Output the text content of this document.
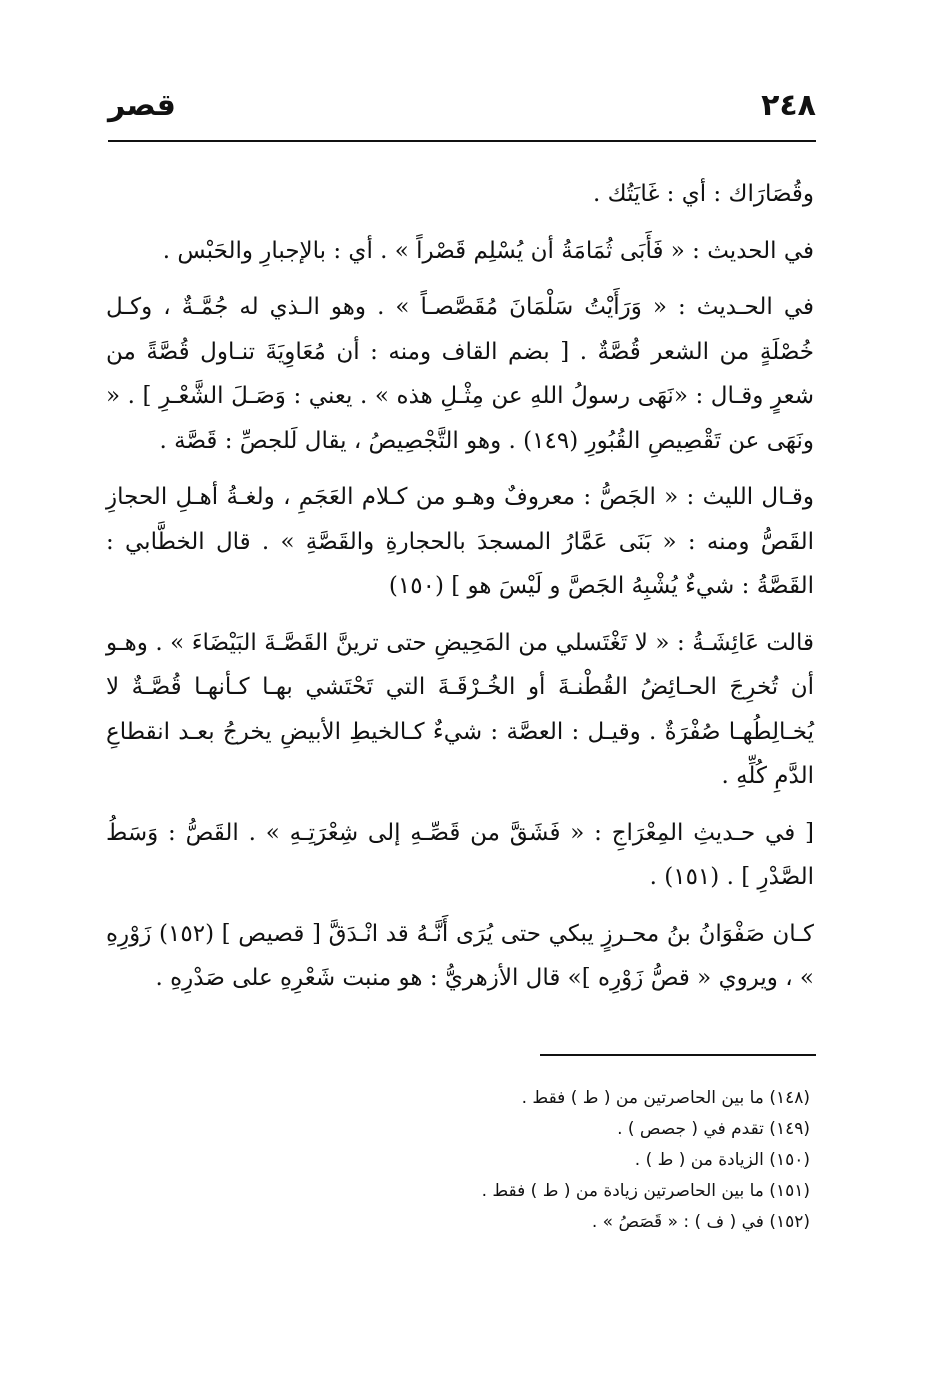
٢٤٨
قصر

وقُصَارَاك : أي : غَايَتُك .

في الحديث : « فَأَبَى ثُمَامَةُ أن يُسْلِم قَصْراً » . أي : بالإجبارِ والحَبْس .

في الحـديث : « وَرَأَيْتُ سَلْمَانَ مُقَصَّصـاً » . وهو الـذي له جُمَّـةٌ ، وكـل خُصْلَةٍ من الشعر قُصَّةٌ . [ بضم القاف ومنه : أن مُعَاوِيَةَ تنـاول قُصَّةً من شعرٍ وقـال : «نَهَى رسولُ اللهِ عن مِثْـلِ هذه » . يعني : وَصَـلَ الشَّعْـرِ ] . « ونَهَى عن تَقْصِيصِ القُبُورِ (١٤٩) . وهو التَّجْصِيصُ ، يقال لَلجصِّ : قَصَّة .

وقـال الليث : « الجَصُّ : معروفٌ وهـو من كـلام العَجَمِ ، ولغـةُ أهـلِ الحجازِ القَصُّ ومنه : « بَنَى عَمَّارُ المسجدَ بالحجارةِ والقَصَّةِ » . قال الخطَّابي : القَصَّةُ : شيءٌ يُشْبِهُ الجَصَّ و لَيْسَ هو ] (١٥٠)

قالت عَائِشَـةُ : « لا تَغْتَسلي من المَحِيضِ حتى ترينَّ القَصَّـةَ البَيْضَاءَ » . وهـو أن تُخرِجَ الحـائِضُ القُطْنـةَ أو الخُـرْقَـةَ التي تَحْتَشي بهـا كـأنهـا قُصَّـةٌ لا يُخـالِطُهـا صُفْرَةٌ . وقيـل : العصَّة : شيءٌ كـالخيطِ الأبيضِ يخرجُ بعـد انقطاعِ الدَّمِ كُلِّهِ .

[ في حـديثِ المِعْرَاجِ : « فَشَقَّ من قَصِّـهِ إلى شِعْرَتِـهِ » . القَصُّ : وَسَطُ الصَّدْرِ ] . (١٥١) .

كـان صَفْوَانُ بنُ محـرزٍ يبكي حتى يُرَى أَنَّـهُ قد انْـدَقَّ [ قصيص ] (١٥٢) زَوْرِهِ » ، ويروي « قصُّ زَوْرِه ]» قال الأزهريُّ : هو منبت شَعْرِهِ على صَدْرِهِ .

(١٤٨) ما بين الحاصرتين من ( ط ) فقط .
(١٤٩) تقدم في ( جصص ) .
(١٥٠) الزيادة من ( ط ) .
(١٥١) ما بين الحاصرتين زيادة من ( ط ) فقط .
(١٥٢) في ( ف ) : « قَصَصُ » .
